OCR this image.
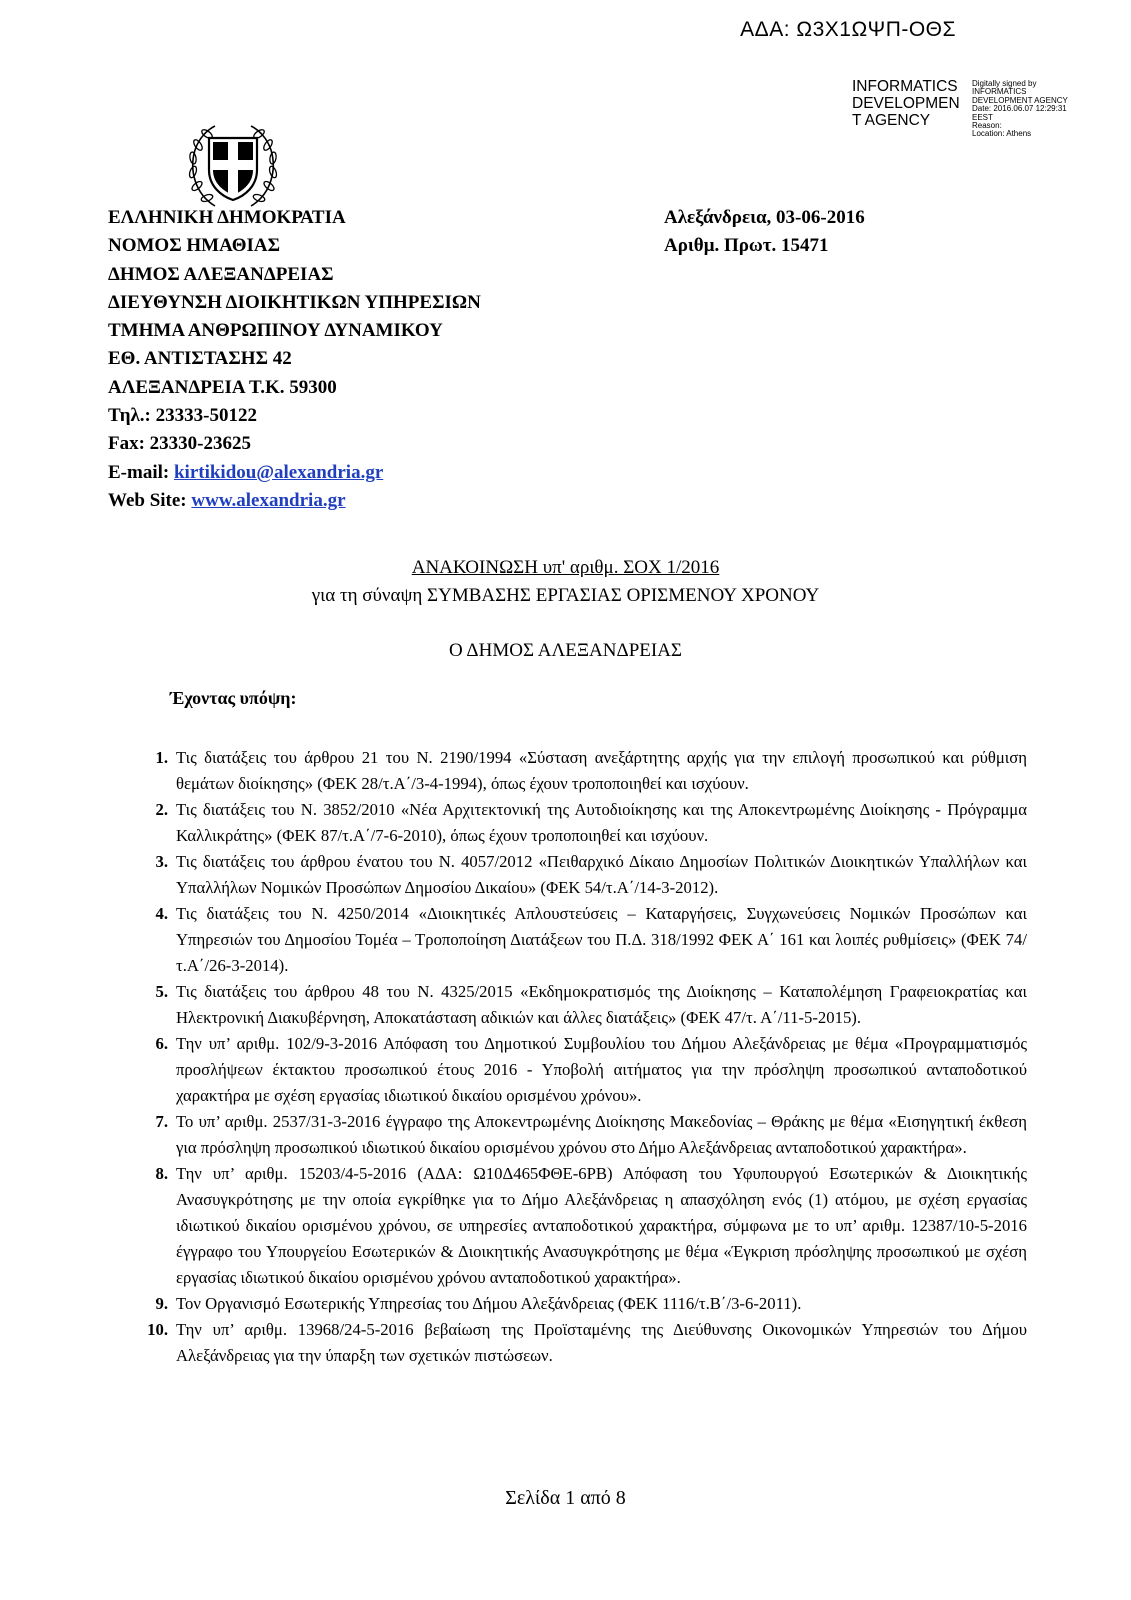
ΑΔΑ: Ω3Χ1ΩΨΠ-ΟΘΣ
INFORMATICS
DEVELOPMEN
T AGENCY
Digitally signed by
INFORMATICS
DEVELOPMENT AGENCY
Date: 2016.06.07 12:29:31
EEST
Reason:
Location: Athens
ΕΛΛΗΝΙΚΗ ΔΗΜΟΚΡΑΤΙΑ
ΝΟΜΟΣ ΗΜΑΘΙΑΣ
ΔΗΜΟΣ ΑΛΕΞΑΝΔΡΕΙΑΣ
ΔΙΕΥΘΥΝΣΗ ΔΙΟΙΚΗΤΙΚΩΝ ΥΠΗΡΕΣΙΩΝ
ΤΜΗΜΑ ΑΝΘΡΩΠΙΝΟΥ ΔΥΝΑΜΙΚΟΥ
ΕΘ. ΑΝΤΙΣΤΑΣΗΣ 42
ΑΛΕΞΑΝΔΡΕΙΑ Τ.Κ. 59300
Τηλ.: 23333-50122
Fax: 23330-23625
E-mail: kirtikidou@alexandria.gr
Web Site: www.alexandria.gr
Αλεξάνδρεια, 03-06-2016
Αριθμ. Πρωτ. 15471
ΑΝΑΚΟΙΝΩΣΗ υπ' αριθμ. ΣΟΧ 1/2016
για τη σύναψη ΣΥΜΒΑΣΗΣ ΕΡΓΑΣΙΑΣ ΟΡΙΣΜΕΝΟΥ ΧΡΟΝΟΥ
Ο ΔΗΜΟΣ ΑΛΕΞΑΝΔΡΕΙΑΣ
Έχοντας υπόψη:
1. Τις διατάξεις του άρθρου 21 του Ν. 2190/1994 «Σύσταση ανεξάρτητης αρχής για την επιλογή προσωπικού και ρύθμιση θεμάτων διοίκησης» (ΦΕΚ 28/τ.Α΄/3-4-1994), όπως έχουν τροποποιηθεί και ισχύουν.
2. Τις διατάξεις του Ν. 3852/2010 «Νέα Αρχιτεκτονική της Αυτοδιοίκησης και της Αποκεντρωμένης Διοίκησης - Πρόγραμμα Καλλικράτης» (ΦΕΚ 87/τ.Α΄/7-6-2010), όπως έχουν τροποποιηθεί και ισχύουν.
3. Τις διατάξεις του άρθρου ένατου του Ν. 4057/2012 «Πειθαρχικό Δίκαιο Δημοσίων Πολιτικών Διοικητικών Υπαλλήλων και Υπαλλήλων Νομικών Προσώπων Δημοσίου Δικαίου» (ΦΕΚ 54/τ.Α΄/14-3-2012).
4. Τις διατάξεις του Ν. 4250/2014 «Διοικητικές Απλουστεύσεις – Καταργήσεις, Συγχωνεύσεις Νομικών Προσώπων και Υπηρεσιών του Δημοσίου Τομέα – Τροποποίηση Διατάξεων του Π.Δ. 318/1992 ΦΕΚ Α΄ 161 και λοιπές ρυθμίσεις» (ΦΕΚ 74/τ.Α΄/26-3-2014).
5. Τις διατάξεις του άρθρου 48 του Ν. 4325/2015 «Εκδημοκρατισμός της Διοίκησης – Καταπολέμηση Γραφειοκρατίας και Ηλεκτρονική Διακυβέρνηση, Αποκατάσταση αδικιών και άλλες διατάξεις» (ΦΕΚ 47/τ. Α΄/11-5-2015).
6. Την υπ’ αριθμ. 102/9-3-2016 Απόφαση του Δημοτικού Συμβουλίου του Δήμου Αλεξάνδρειας με θέμα «Προγραμματισμός προσλήψεων έκτακτου προσωπικού έτους 2016 - Υποβολή αιτήματος για την πρόσληψη προσωπικού ανταποδοτικού χαρακτήρα με σχέση εργασίας ιδιωτικού δικαίου ορισμένου χρόνου».
7. Το υπ’ αριθμ. 2537/31-3-2016 έγγραφο της Αποκεντρωμένης Διοίκησης Μακεδονίας – Θράκης με θέμα «Εισηγητική έκθεση για πρόσληψη προσωπικού ιδιωτικού δικαίου ορισμένου χρόνου στο Δήμο Αλεξάνδρειας ανταποδοτικού χαρακτήρα».
8. Την υπ’ αριθμ. 15203/4-5-2016 (ΑΔΑ: Ω10Δ465ΦΘΕ-6ΡΒ) Απόφαση του Υφυπουργού Εσωτερικών & Διοικητικής Ανασυγκρότησης με την οποία εγκρίθηκε για το Δήμο Αλεξάνδρειας η απασχόληση ενός (1) ατόμου, με σχέση εργασίας ιδιωτικού δικαίου ορισμένου χρόνου, σε υπηρεσίες ανταποδοτικού χαρακτήρα, σύμφωνα με το υπ’ αριθμ. 12387/10-5-2016 έγγραφο του Υπουργείου Εσωτερικών & Διοικητικής Ανασυγκρότησης με θέμα «Έγκριση πρόσληψης προσωπικού με σχέση εργασίας ιδιωτικού δικαίου ορισμένου χρόνου ανταποδοτικού χαρακτήρα».
9. Τον Οργανισμό Εσωτερικής Υπηρεσίας του Δήμου Αλεξάνδρειας (ΦΕΚ 1116/τ.Β΄/3-6-2011).
10. Την υπ’ αριθμ. 13968/24-5-2016 βεβαίωση της Προϊσταμένης της Διεύθυνσης Οικονομικών Υπηρεσιών του Δήμου Αλεξάνδρειας για την ύπαρξη των σχετικών πιστώσεων.
Σελίδα 1 από 8
